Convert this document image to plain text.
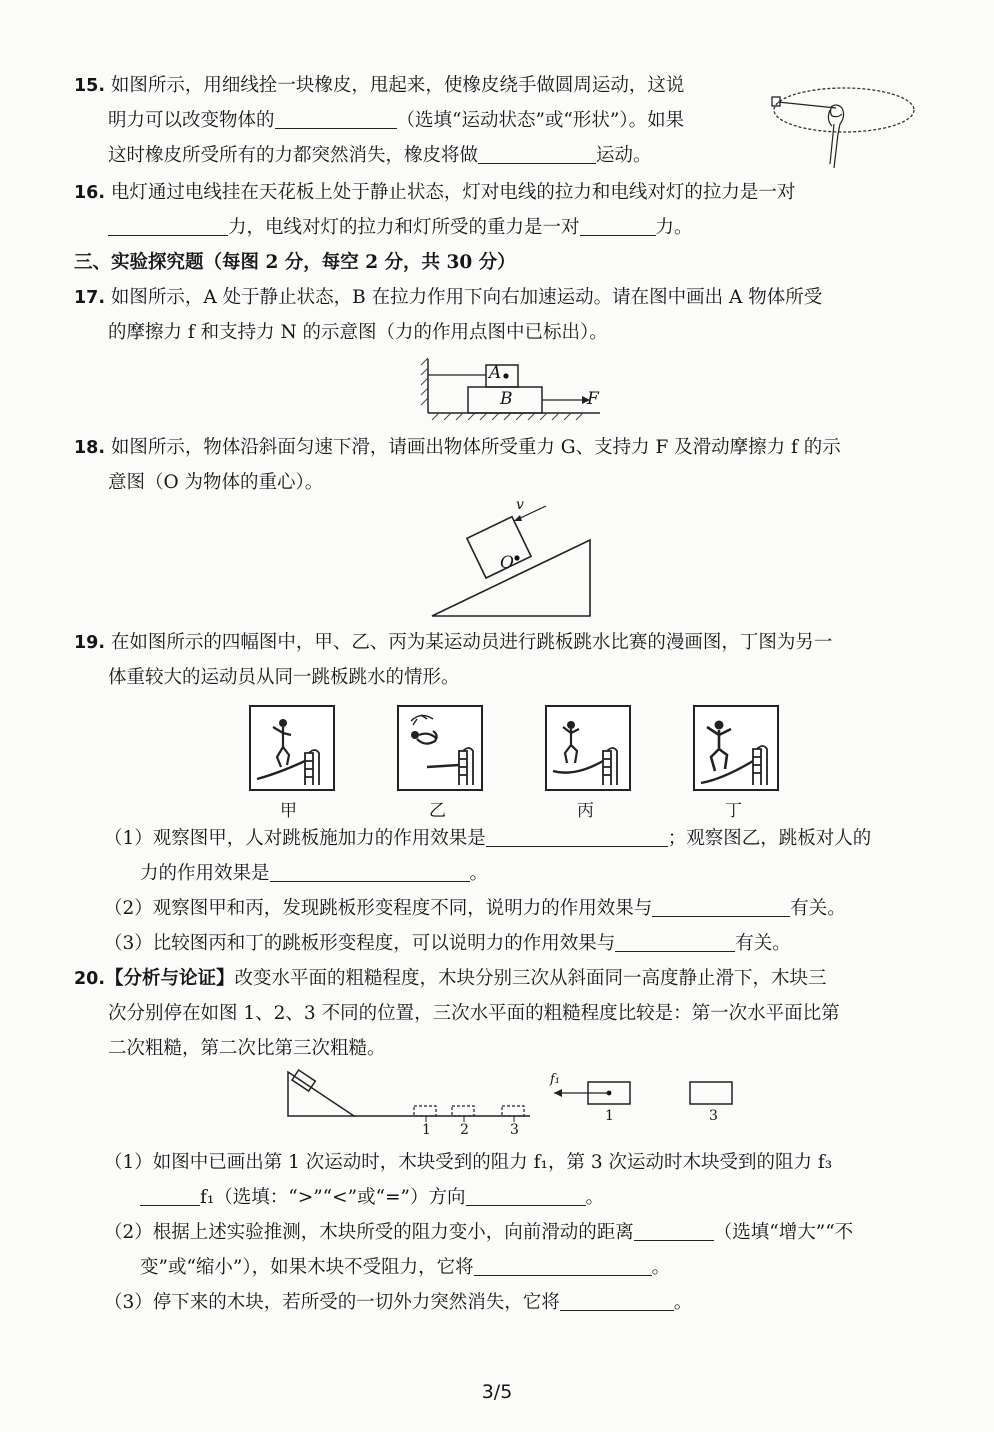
15. 如图所示，用细线拴一块橡皮，甩起来，使橡皮绕手做圆周运动，这说
明力可以改变物体的	（选填“运动状态”或“形状”）。如果
这时橡皮所受所有的力都突然消失，橡皮将做	运动。
16. 电灯通过电线挂在天花板上处于静止状态，灯对电线的拉力和电线对灯的拉力是一对
力，电线对灯的拉力和灯所受的重力是一对	力。
三、实验探究题（每图 2 分，每空 2 分，共 30 分）
17. 如图所示，A 处于静止状态，B 在拉力作用下向右加速运动。请在图中画出 A 物体所受
的摩擦力 f 和支持力 N 的示意图（力的作用点图中已标出）。
A
B	F
18. 如图所示，物体沿斜面匀速下滑，请画出物体所受重力 G、支持力 F 及滑动摩擦力 f 的示
意图（O 为物体的重心）。
v
O
19. 在如图所示的四幅图中，甲、乙、丙为某运动员进行跳板跳水比赛的漫画图，丁图为另一
体重较大的运动员从同一跳板跳水的情形。
甲	乙	丙	丁
（1）观察图甲，人对跳板施加力的作用效果是	；观察图乙，跳板对人的
力的作用效果是	。
（2）观察图甲和丙，发现跳板形变程度不同，说明力的作用效果与	有关。
（3）比较图丙和丁的跳板形变程度，可以说明力的作用效果与	有关。
20.【分析与论证】改变水平面的粗糙程度，木块分别三次从斜面同一高度静止滑下，木块三
次分别停在如图 1、2、3 不同的位置，三次水平面的粗糙程度比较是：第一次水平面比第
二次粗糙，第二次比第三次粗糙。
1 2	3
f₁
1	3
（1）如图中已画出第 1 次运动时，木块受到的阻力 f₁，第 3 次运动时木块受到的阻力 f₃
f₁（选填：“>”“<”或“=”）方向	。
（2）根据上述实验推测，木块所受的阻力变小，向前滑动的距离	（选填“增大”“不
变”或“缩小”），如果木块不受阻力，它将	。
（3）停下来的木块，若所受的一切外力突然消失，它将	。
3/5
